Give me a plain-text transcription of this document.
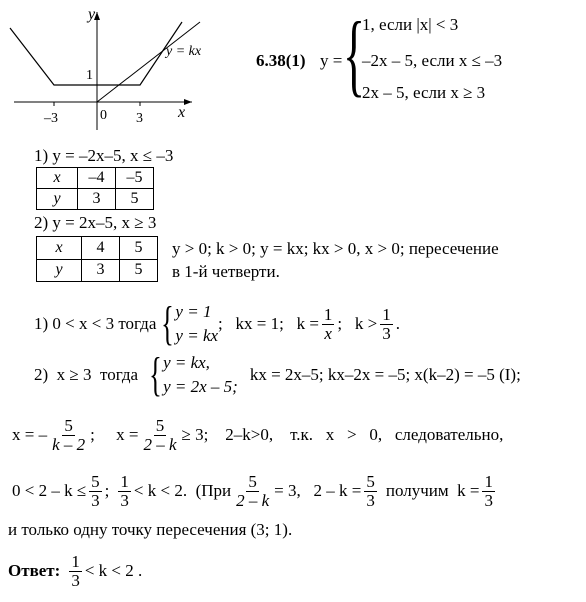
y
x
y = kx
1
–3	0 3
6.38(1) y = {
1, если |x| < 3
–2x – 5, если x ≤ –3
2x – 5, если x ≥ 3
1) y = –2x–5, x ≤ –3
x	–4	–5
y	3	5
2) y = 2x–5, x ≥ 3
x	4	5
y	3	5
y > 0; k > 0; y = kx; kx > 0, x > 0; пересечение
в 1-й четверти.
1) 0 < x < 3 тогда { y = 1
y = kx
;   kx = 1;   $k = \frac{1}{x}$ ;   $k > \frac{1}{3}$ .
2)  x ≥ 3  тогда { y = kx,
y = 2x – 5;
kx = 2x–5; kx–2x = –5; x(k–2) = –5 (I);
x = – $\frac{5}{k - 2}$ ;     $x = \frac{5}{2 - k} \ge 3$;    2–k>0,    т.к.   x   >   0,   следовательно,
$0 < 2 - k \le \frac{5}{3}$ ; $\frac{1}{3} < k < 2$.  ($При \frac{5}{2 - k} = 3$,   $2 - k = \frac{5}{3}$ получим  $k = \frac{1}{3}$
и только одну точку пересечения (3; 1).
Ответ: $\frac{1}{3} < k < 2$ .
